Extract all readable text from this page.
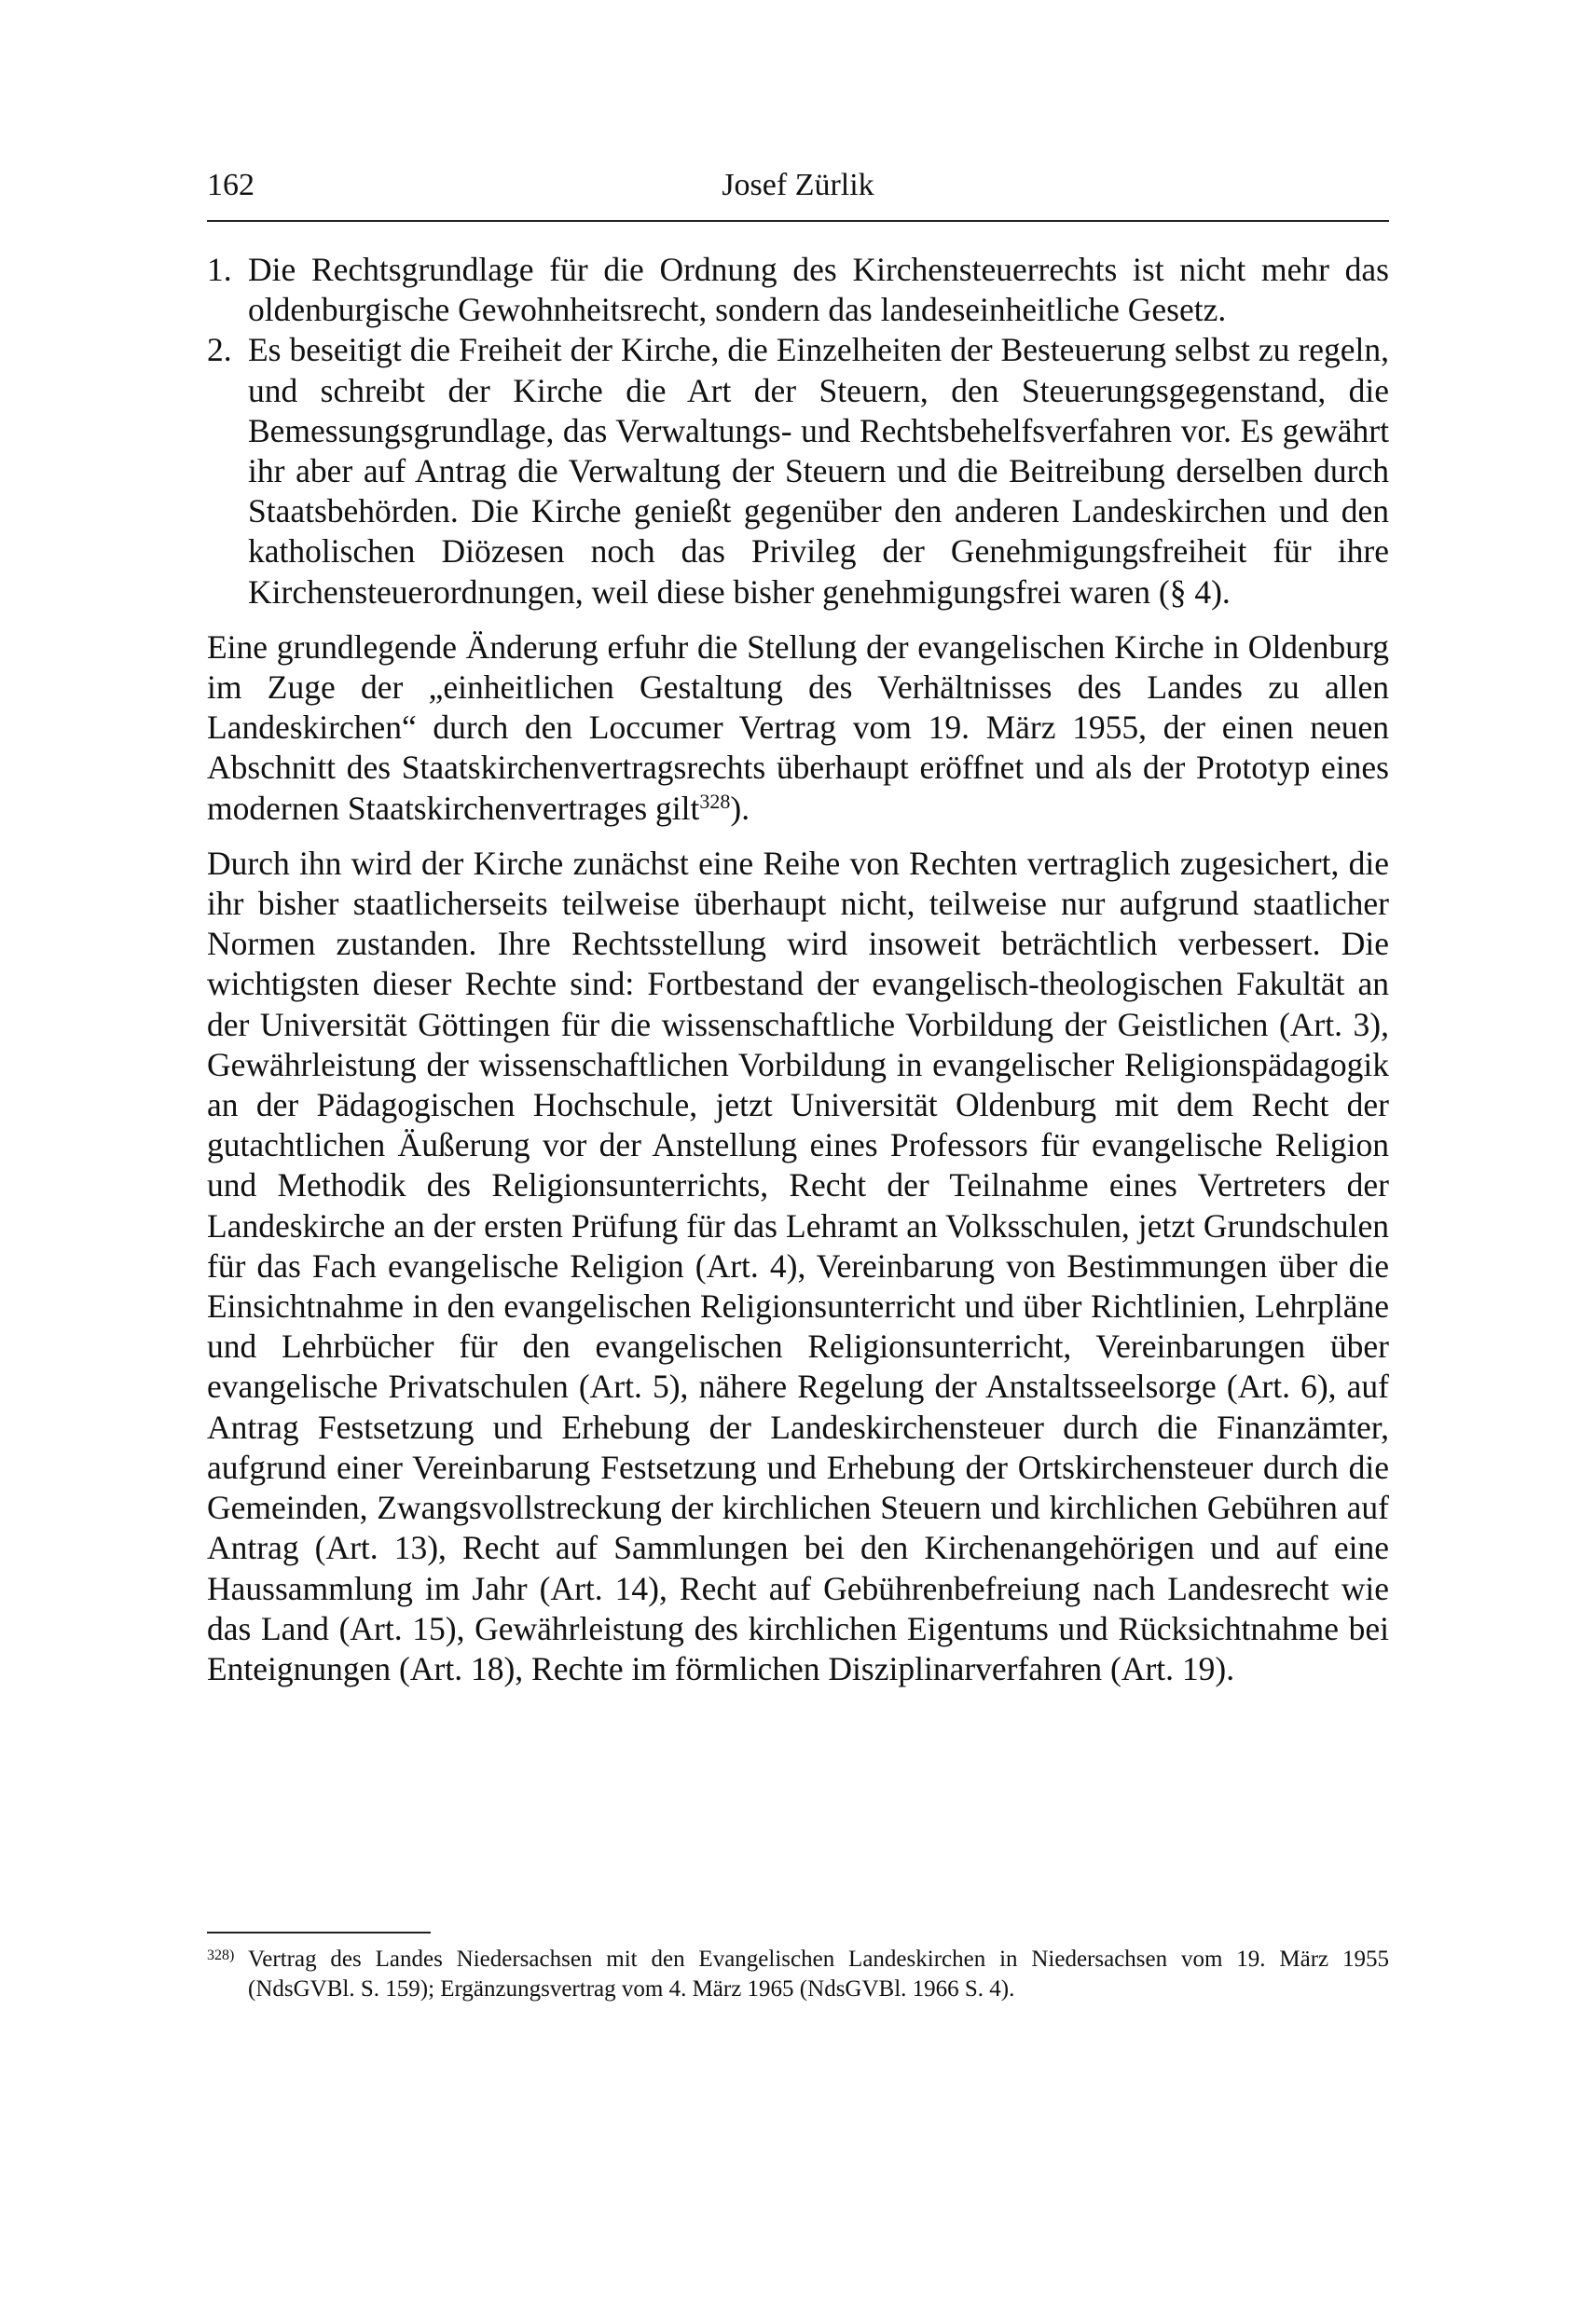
162	Josef Zürlik
1. Die Rechtsgrundlage für die Ordnung des Kirchensteuerrechts ist nicht mehr das oldenburgische Gewohnheitsrecht, sondern das landeseinheitliche Gesetz.
2. Es beseitigt die Freiheit der Kirche, die Einzelheiten der Besteuerung selbst zu regeln, und schreibt der Kirche die Art der Steuern, den Steuerungsgegenstand, die Bemessungsgrundlage, das Verwaltungs- und Rechtsbehelfsverfahren vor. Es gewährt ihr aber auf Antrag die Verwaltung der Steuern und die Beitreibung derselben durch Staatsbehörden. Die Kirche genießt gegenüber den anderen Landeskirchen und den katholischen Diözesen noch das Privileg der Genehmigungsfreiheit für ihre Kirchensteuerordnungen, weil diese bisher genehmigungsfrei waren (§ 4).

Eine grundlegende Änderung erfuhr die Stellung der evangelischen Kirche in Oldenburg im Zuge der „einheitlichen Gestaltung des Verhältnisses des Landes zu allen Landeskirchen“ durch den Loccumer Vertrag vom 19. März 1955, der einen neuen Abschnitt des Staatskirchenvertragsrechts überhaupt eröffnet und als der Prototyp eines modernen Staatskirchenvertrages gilt$^{328}$).

Durch ihn wird der Kirche zunächst eine Reihe von Rechten vertraglich zugesichert, die ihr bisher staatlicherseits teilweise überhaupt nicht, teilweise nur aufgrund staatlicher Normen zustanden. Ihre Rechtsstellung wird insoweit beträchtlich verbessert. Die wichtigsten dieser Rechte sind: Fortbestand der evangelisch-theologischen Fakultät an der Universität Göttingen für die wissenschaftliche Vorbildung der Geistlichen (Art. 3), Gewährleistung der wissenschaftlichen Vorbildung in evangelischer Religionspädagogik an der Pädagogischen Hochschule, jetzt Universität Oldenburg mit dem Recht der gutachtlichen Äußerung vor der Anstellung eines Professors für evangelische Religion und Methodik des Religionsunterrichts, Recht der Teilnahme eines Vertreters der Landeskirche an der ersten Prüfung für das Lehramt an Volksschulen, jetzt Grundschulen für das Fach evangelische Religion (Art. 4), Vereinbarung von Bestimmungen über die Einsichtnahme in den evangelischen Religionsunterricht und über Richtlinien, Lehrpläne und Lehrbücher für den evangelischen Religionsunterricht, Vereinbarungen über evangelische Privatschulen (Art. 5), nähere Regelung der Anstaltsseelsorge (Art. 6), auf Antrag Festsetzung und Erhebung der Landeskirchensteuer durch die Finanzämter, aufgrund einer Vereinbarung Festsetzung und Erhebung der Ortskirchensteuer durch die Gemeinden, Zwangsvollstreckung der kirchlichen Steuern und kirchlichen Gebühren auf Antrag (Art. 13), Recht auf Sammlungen bei den Kirchenangehörigen und auf eine Haussammlung im Jahr (Art. 14), Recht auf Gebührenbefreiung nach Landesrecht wie das Land (Art. 15), Gewährleistung des kirchlichen Eigentums und Rücksichtnahme bei Enteignungen (Art. 18), Rechte im förmlichen Disziplinarverfahren (Art. 19).

328) Vertrag des Landes Niedersachsen mit den Evangelischen Landeskirchen in Niedersachsen vom 19. März 1955 (NdsGVBl. S. 159); Ergänzungsvertrag vom 4. März 1965 (NdsGVBl. 1966 S. 4).
